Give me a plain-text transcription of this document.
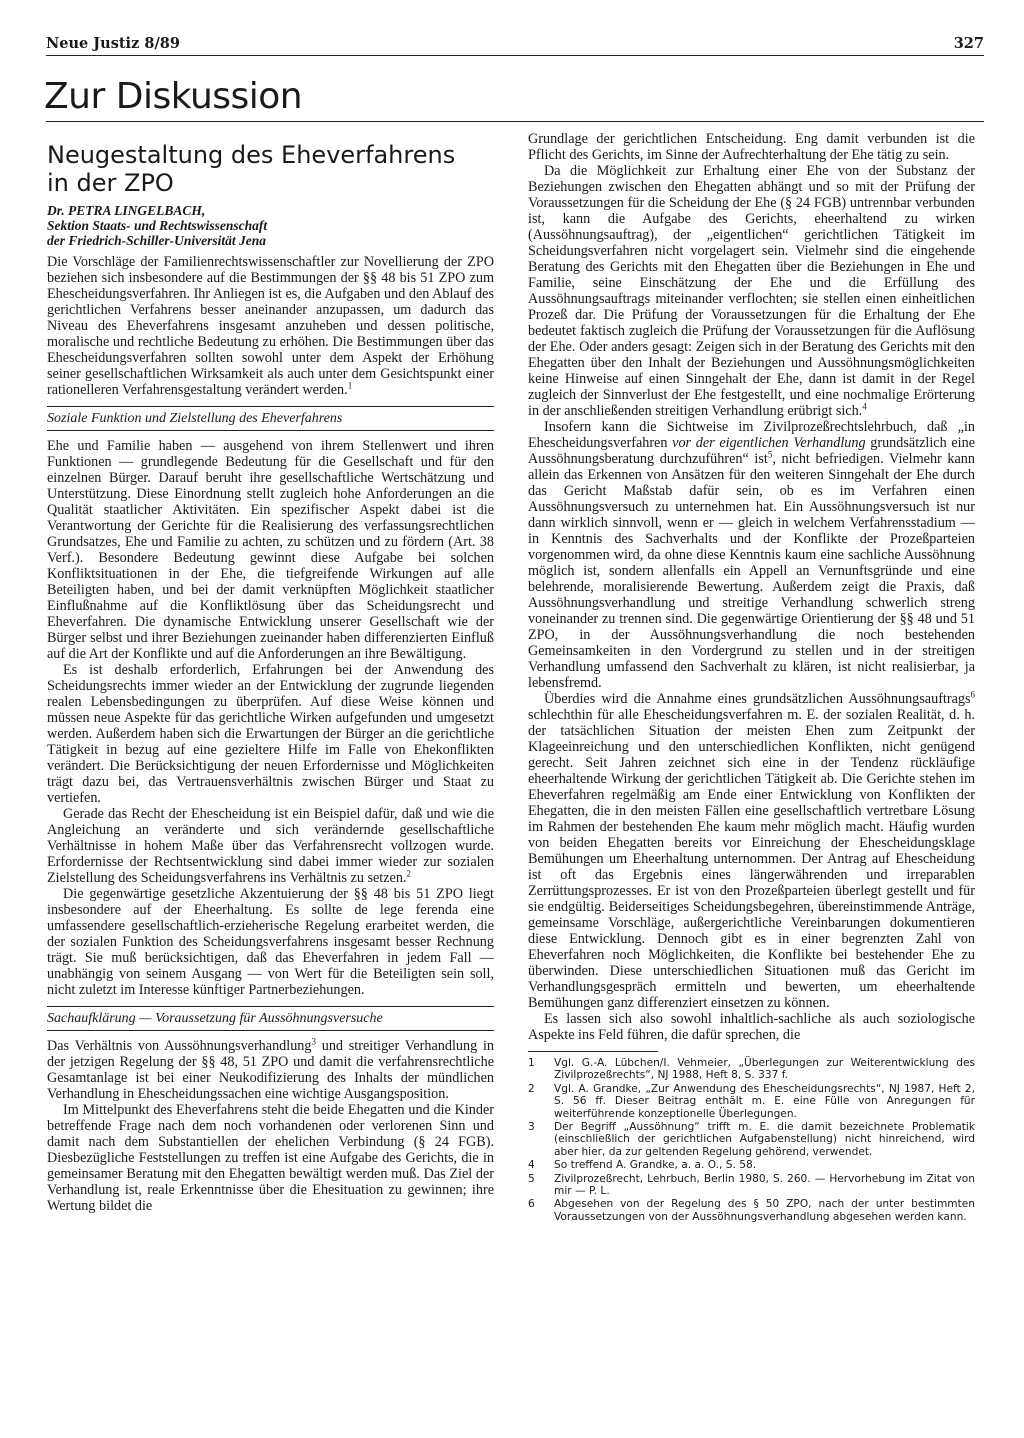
Neue Justiz 8/89	327
Zur Diskussion
Neugestaltung des Eheverfahrens
in der ZPO
Dr. PETRA LINGELBACH,
Sektion Staats- und Rechtswissenschaft
der Friedrich-Schiller-Universität Jena

Die Vorschläge der Familienrechtswissenschaftler zur Novellierung der ZPO beziehen sich insbesondere auf die Bestimmungen der §§ 48 bis 51 ZPO zum Ehescheidungsverfahren. Ihr Anliegen ist es, die Aufgaben und den Ablauf des gerichtlichen Verfahrens besser aneinander anzupassen, um dadurch das Niveau des Eheverfahrens insgesamt anzuheben und dessen politische, moralische und rechtliche Bedeutung zu erhöhen. Die Bestimmungen über das Ehescheidungsverfahren sollten sowohl unter dem Aspekt der Erhöhung seiner gesellschaftlichen Wirksamkeit als auch unter dem Gesichtspunkt einer rationelleren Verfahrensgestaltung verändert werden.$^1$

Soziale Funktion und Zielstellung des Eheverfahrens

Ehe und Familie haben — ausgehend von ihrem Stellenwert und ihren Funktionen — grundlegende Bedeutung für die Gesellschaft und für den einzelnen Bürger. Darauf beruht ihre gesellschaftliche Wertschätzung und Unterstützung. Diese Einordnung stellt zugleich hohe Anforderungen an die Qualität staatlicher Aktivitäten. Ein spezifischer Aspekt dabei ist die Verantwortung der Gerichte für die Realisierung des verfassungsrechtlichen Grundsatzes, Ehe und Familie zu achten, zu schützen und zu fördern (Art. 38 Verf.). Besondere Bedeutung gewinnt diese Aufgabe bei solchen Konfliktsituationen in der Ehe, die tiefgreifende Wirkungen auf alle Beteiligten haben, und bei der damit verknüpften Möglichkeit staatlicher Einflußnahme auf die Konfliktlösung über das Scheidungsrecht und Eheverfahren. Die dynamische Entwicklung unserer Gesellschaft wie der Bürger selbst und ihrer Beziehungen zueinander haben differenzierten Einfluß auf die Art der Konflikte und auf die Anforderungen an ihre Bewältigung.

Es ist deshalb erforderlich, Erfahrungen bei der Anwendung des Scheidungsrechts immer wieder an der Entwicklung der zugrunde liegenden realen Lebensbedingungen zu überprüfen. Auf diese Weise können und müssen neue Aspekte für das gerichtliche Wirken aufgefunden und umgesetzt werden. Außerdem haben sich die Erwartungen der Bürger an die gerichtliche Tätigkeit in bezug auf eine gezieltere Hilfe im Falle von Ehekonflikten verändert. Die Berücksichtigung der neuen Erfordernisse und Möglichkeiten trägt dazu bei, das Vertrauensverhältnis zwischen Bürger und Staat zu vertiefen.

Gerade das Recht der Ehescheidung ist ein Beispiel dafür, daß und wie die Angleichung an veränderte und sich verändernde gesellschaftliche Verhältnisse in hohem Maße über das Verfahrensrecht vollzogen wurde. Erfordernisse der Rechtsentwicklung sind dabei immer wieder zur sozialen Zielstellung des Scheidungsverfahrens ins Verhältnis zu setzen.$^2$

Die gegenwärtige gesetzliche Akzentuierung der §§ 48 bis 51 ZPO liegt insbesondere auf der Eheerhaltung. Es sollte de lege ferenda eine umfassendere gesellschaftlich-erzieherische Regelung erarbeitet werden, die der sozialen Funktion des Scheidungsverfahrens insgesamt besser Rechnung trägt. Sie muß berücksichtigen, daß das Eheverfahren in jedem Fall — unabhängig von seinem Ausgang — von Wert für die Beteiligten sein soll, nicht zuletzt im Interesse künftiger Partnerbeziehungen.

Sachaufklärung — Voraussetzung für Aussöhnungsversuche

Das Verhältnis von Aussöhnungsverhandlung$^3$ und streitiger Verhandlung in der jetzigen Regelung der §§ 48, 51 ZPO und damit die verfahrensrechtliche Gesamtanlage ist bei einer Neukodifizierung des Inhalts der mündlichen Verhandlung in Ehescheidungssachen eine wichtige Ausgangsposition.

Im Mittelpunkt des Eheverfahrens steht die beide Ehegatten und die Kinder betreffende Frage nach dem noch vorhandenen oder verlorenen Sinn und damit nach dem Substantiellen der ehelichen Verbindung (§ 24 FGB). Diesbezügliche Feststellungen zu treffen ist eine Aufgabe des Gerichts, die in gemeinsamer Beratung mit den Ehegatten bewältigt werden muß. Das Ziel der Verhandlung ist, reale Erkenntnisse über die Ehesituation zu gewinnen; ihre Wertung bildet die

Grundlage der gerichtlichen Entscheidung. Eng damit verbunden ist die Pflicht des Gerichts, im Sinne der Aufrechterhaltung der Ehe tätig zu sein.

Da die Möglichkeit zur Erhaltung einer Ehe von der Substanz der Beziehungen zwischen den Ehegatten abhängt und so mit der Prüfung der Voraussetzungen für die Scheidung der Ehe (§ 24 FGB) untrennbar verbunden ist, kann die Aufgabe des Gerichts, eheerhaltend zu wirken (Aussöhnungsauftrag), der „eigentlichen“ gerichtlichen Tätigkeit im Scheidungsverfahren nicht vorgelagert sein. Vielmehr sind die eingehende Beratung des Gerichts mit den Ehegatten über die Beziehungen in Ehe und Familie, seine Einschätzung der Ehe und die Erfüllung des Aussöhnungsauftrags miteinander verflochten; sie stellen einen einheitlichen Prozeß dar. Die Prüfung der Voraussetzungen für die Erhaltung der Ehe bedeutet faktisch zugleich die Prüfung der Voraussetzungen für die Auflösung der Ehe. Oder anders gesagt: Zeigen sich in der Beratung des Gerichts mit den Ehegatten über den Inhalt der Beziehungen und Aussöhnungsmöglichkeiten keine Hinweise auf einen Sinngehalt der Ehe, dann ist damit in der Regel zugleich der Sinnverlust der Ehe festgestellt, und eine nochmalige Erörterung in der anschließenden streitigen Verhandlung erübrigt sich.$^4$

Insofern kann die Sichtweise im Zivilprozeßrechtslehrbuch, daß „in Ehescheidungsverfahren vor der eigentlichen Verhandlung grundsätzlich eine Aussöhnungsberatung durchzuführen“ ist$^5$, nicht befriedigen. Vielmehr kann allein das Erkennen von Ansätzen für den weiteren Sinngehalt der Ehe durch das Gericht Maßstab dafür sein, ob es im Verfahren einen Aussöhnungsversuch zu unternehmen hat. Ein Aussöhnungsversuch ist nur dann wirklich sinnvoll, wenn er — gleich in welchem Verfahrensstadium — in Kenntnis des Sachverhalts und der Konflikte der Prozeßparteien vorgenommen wird, da ohne diese Kenntnis kaum eine sachliche Aussöhnung möglich ist, sondern allenfalls ein Appell an Vernunftsgründe und eine belehrende, moralisierende Bewertung. Außerdem zeigt die Praxis, daß Aussöhnungsverhandlung und streitige Verhandlung schwerlich streng voneinander zu trennen sind. Die gegenwärtige Orientierung der §§ 48 und 51 ZPO, in der Aussöhnungsverhandlung die noch bestehenden Gemeinsamkeiten in den Vordergrund zu stellen und in der streitigen Verhandlung umfassend den Sachverhalt zu klären, ist nicht realisierbar, ja lebensfremd.

Überdies wird die Annahme eines grundsätzlichen Aussöhnungsauftrags$^6$ schlechthin für alle Ehescheidungsverfahren m. E. der sozialen Realität, d. h. der tatsächlichen Situation der meisten Ehen zum Zeitpunkt der Klageeinreichung und den unterschiedlichen Konflikten, nicht genügend gerecht. Seit Jahren zeichnet sich eine in der Tendenz rückläufige eheerhaltende Wirkung der gerichtlichen Tätigkeit ab. Die Gerichte stehen im Eheverfahren regelmäßig am Ende einer Entwicklung von Konflikten der Ehegatten, die in den meisten Fällen eine gesellschaftlich vertretbare Lösung im Rahmen der bestehenden Ehe kaum mehr möglich macht. Häufig wurden von beiden Ehegatten bereits vor Einreichung der Ehescheidungsklage Bemühungen um Eheerhaltung unternommen. Der Antrag auf Ehescheidung ist oft das Ergebnis eines längerwährenden und irreparablen Zerrüttungsprozesses. Er ist von den Prozeßparteien überlegt gestellt und für sie endgültig. Beiderseitiges Scheidungsbegehren, übereinstimmende Anträge, gemeinsame Vorschläge, außergerichtliche Vereinbarungen dokumentieren diese Entwicklung. Dennoch gibt es in einer begrenzten Zahl von Eheverfahren noch Möglichkeiten, die Konflikte bei bestehender Ehe zu überwinden. Diese unterschiedlichen Situationen muß das Gericht im Verhandlungsgespräch ermitteln und bewerten, um eheerhaltende Bemühungen ganz differenziert einsetzen zu können.

Es lassen sich also sowohl inhaltlich-sachliche als auch soziologische Aspekte ins Feld führen, die dafür sprechen, die

1	Vgl. G.-A. Lübchen/I. Vehmeier, „Überlegungen zur Weiterentwicklung des Zivilprozeßrechts“, NJ 1988, Heft 8, S. 337 f.
2	Vgl. A. Grandke, „Zur Anwendung des Ehescheidungsrechts“, NJ 1987, Heft 2, S. 56 ff. Dieser Beitrag enthält m. E. eine Fülle von Anregungen für weiterführende konzeptionelle Überlegungen.
3	Der Begriff „Aussöhnung“ trifft m. E. die damit bezeichnete Problematik (einschließlich der gerichtlichen Aufgabenstellung) nicht hinreichend, wird aber hier, da zur geltenden Regelung gehörend, verwendet.
4	So treffend A. Grandke, a. a. O., S. 58.
5	Zivilprozeßrecht, Lehrbuch, Berlin 1980, S. 260. — Hervorhebung im Zitat von mir — P. L.
6	Abgesehen von der Regelung des § 50 ZPO, nach der unter bestimmten Voraussetzungen von der Aussöhnungsverhandlung abgesehen werden kann.
